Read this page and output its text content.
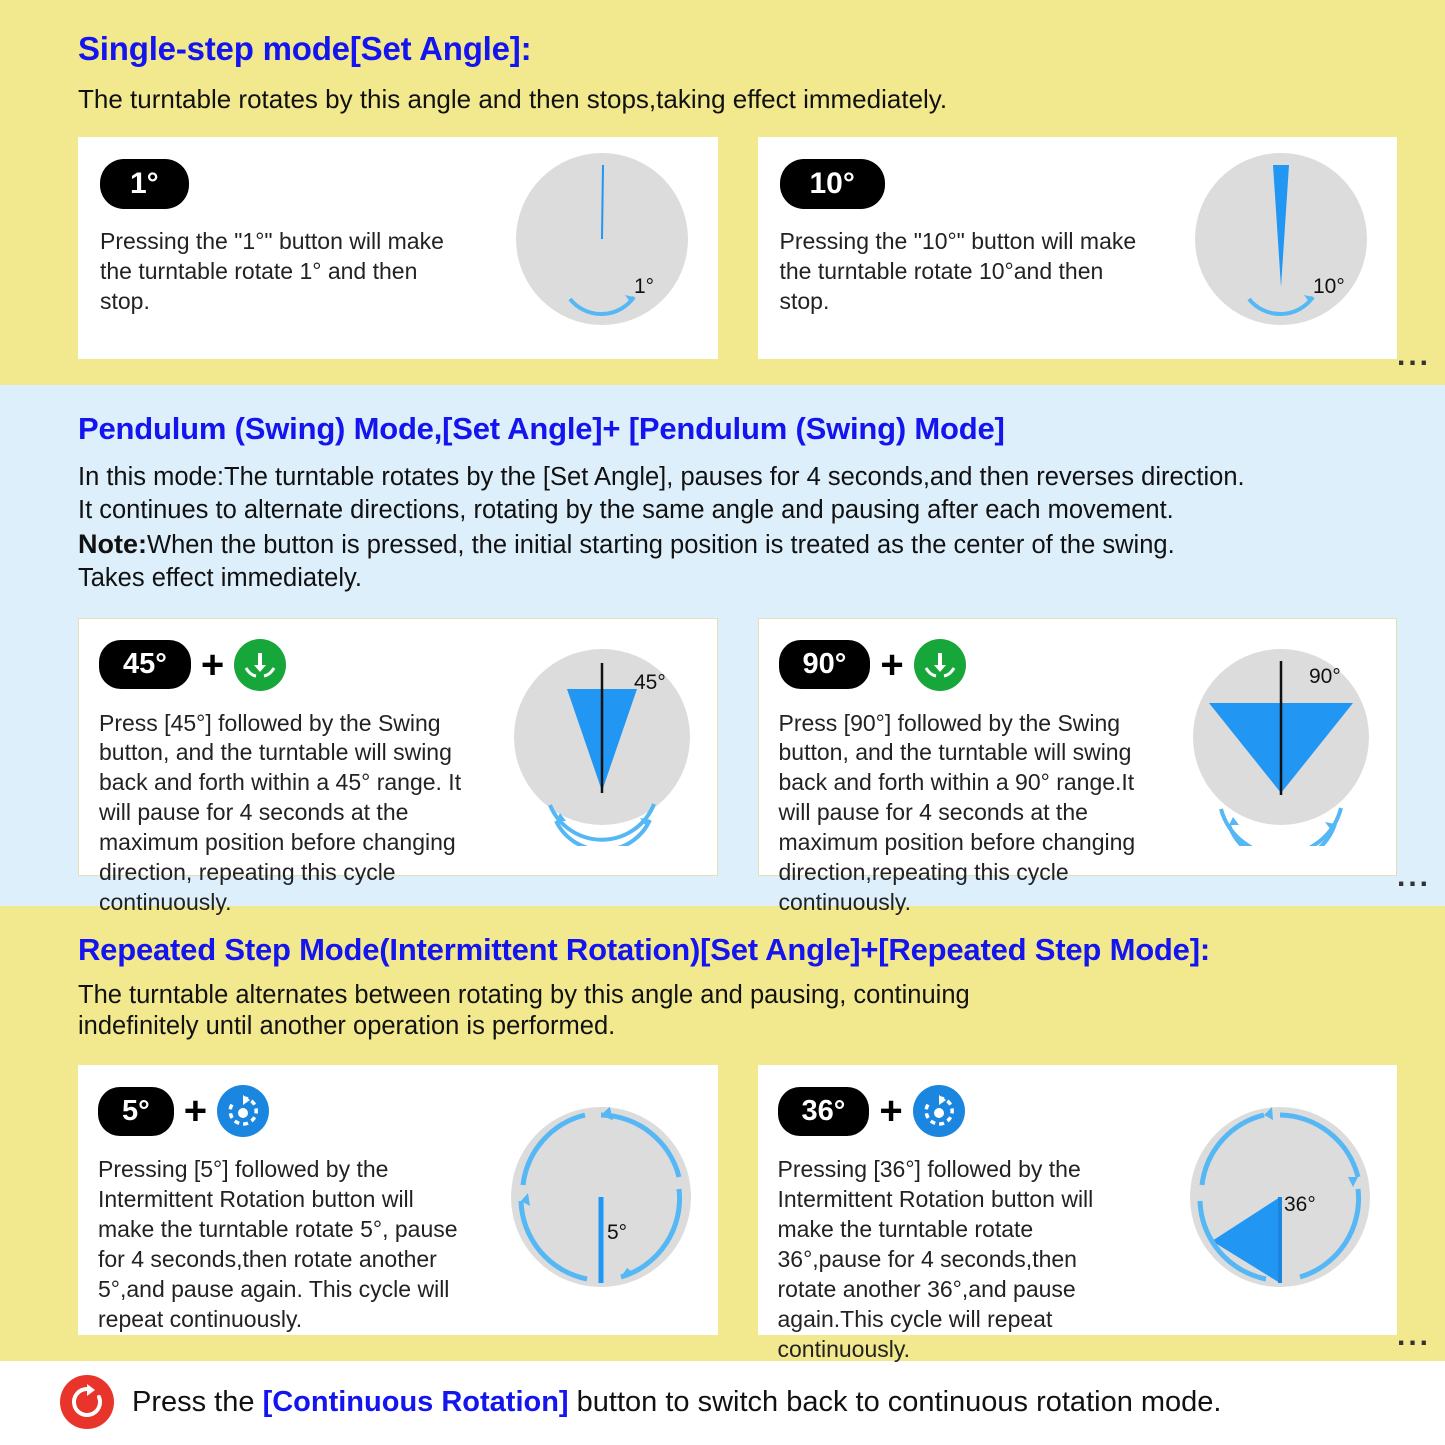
Single-step mode[Set Angle]:

The turntable rotates by this angle and then stops,taking effect immediately.

1°
Pressing the "1°" button will make the turntable rotate 1° and then stop.
1°
10°
Pressing the "10°" button will make the turntable rotate 10°and then stop.
10°
...
Pendulum (Swing) Mode,[Set Angle]+ [Pendulum (Swing) Mode]
In this mode:The turntable rotates by the [Set Angle], pauses for 4 seconds,and then reverses direction.
It continues to alternate directions, rotating by the same angle and pausing after each movement.
Note:When the button is pressed, the initial starting position is treated as the center of the swing.
Takes effect immediately.
45° +
Press [45°] followed by the Swing button, and the turntable will swing back and forth within a 45° range. It will pause for 4 seconds at the maximum position before changing direction, repeating this cycle continuously.
45°
90° +
Press [90°] followed by the Swing button, and the turntable will swing back and forth within a 90° range.It will pause for 4 seconds at the maximum position before changing direction,repeating this cycle continuously.
90°
...
Repeated Step Mode(Intermittent Rotation)[Set Angle]+[Repeated Step Mode]:
The turntable alternates between rotating by this angle and pausing, continuing
indefinitely until another operation is performed.
5° +
Pressing [5°] followed by the Intermittent Rotation button will make the turntable rotate 5°, pause for 4 seconds,then rotate another 5°,and pause again. This cycle will repeat continuously.
5°
36° +
Pressing [36°] followed by the Intermittent Rotation button will make the turntable rotate 36°,pause for 4 seconds,then rotate another 36°,and pause again.This cycle will repeat continuously.
36°
...
Press the [Continuous Rotation] button to switch back to continuous rotation mode.
